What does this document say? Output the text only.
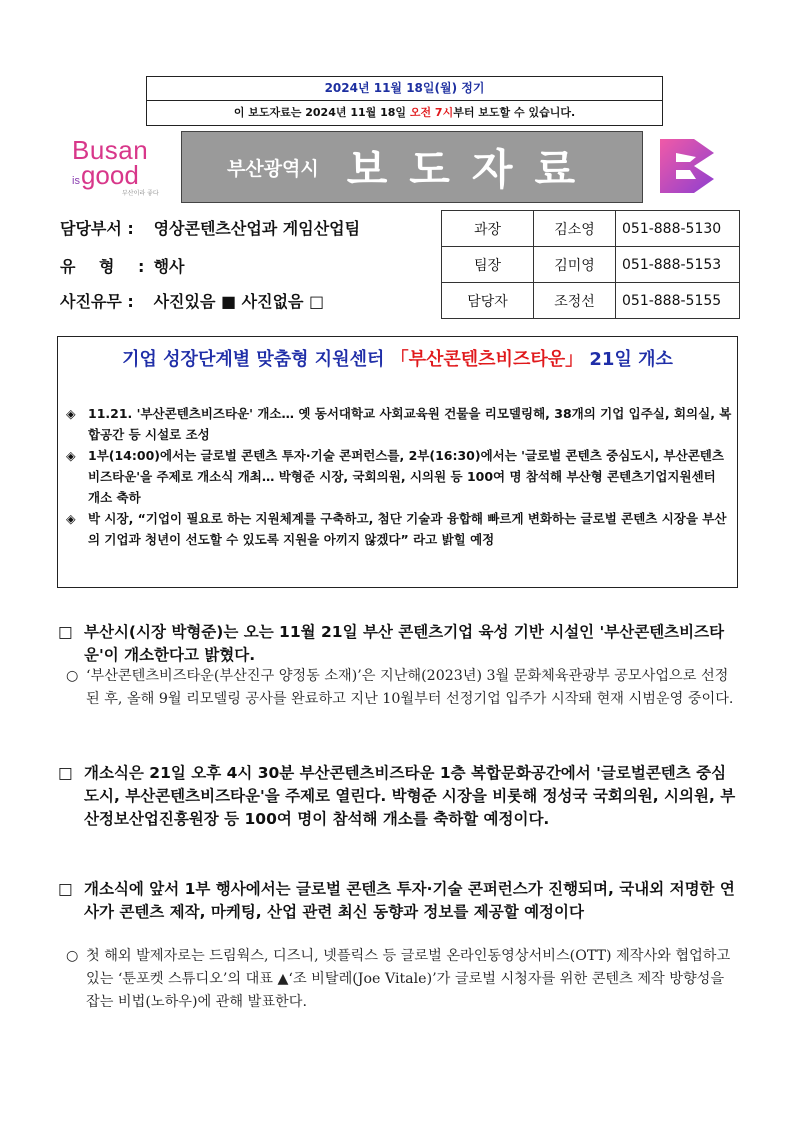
2024년 11월 18일(월) 정기
이 보도자료는 2024년 11월 18일 오전 7시부터 보도할 수 있습니다.
Busan
isgood
부산이라 좋다
부산광역시 보도자료
담당부서 : 영상콘텐츠산업과 게임산업팀
유 형 : 행사
사진유무 : 사진있음 ■ 사진없음 □
과장	김소영	051-888-5130
팀장	김미영	051-888-5153
담당자	조정선	051-888-5155
기업 성장단계별 맞춤형 지원센터 「부산콘텐츠비즈타운」 21일 개소
◈ 11.21. '부산콘텐츠비즈타운' 개소… 옛 동서대학교 사회교육원 건물을 리모델링해, 38개의 기업 입주실, 회의실, 복합공간 등 시설로 조성
◈ 1부(14:00)에서는 글로벌 콘텐츠 투자·기술 콘퍼런스를, 2부(16:30)에서는 '글로벌 콘텐츠 중심도시, 부산콘텐츠비즈타운'을 주제로 개소식 개최… 박형준 시장, 국회의원, 시의원 등 100여 명 참석해 부산형 콘텐츠기업지원센터 개소 축하
◈ 박 시장, “기업이 필요로 하는 지원체계를 구축하고, 첨단 기술과 융합해 빠르게 변화하는 글로벌 콘텐츠 시장을 부산의 기업과 청년이 선도할 수 있도록 지원을 아끼지 않겠다” 라고 밝힐 예정
□ 부산시(시장 박형준)는 오는 11월 21일 부산 콘텐츠기업 육성 기반 시설인 '부산콘텐츠비즈타운'이 개소한다고 밝혔다.
○ ‘부산콘텐츠비즈타운(부산진구 양정동 소재)’은 지난해(2023년) 3월 문화체육관광부 공모사업으로 선정된 후, 올해 9월 리모델링 공사를 완료하고 지난 10월부터 선정기업 입주가 시작돼 현재 시범운영 중이다.
□ 개소식은 21일 오후 4시 30분 부산콘텐츠비즈타운 1층 복합문화공간에서 '글로벌콘텐츠 중심도시, 부산콘텐츠비즈타운'을 주제로 열린다. 박형준 시장을 비롯해 정성국 국회의원, 시의원, 부산정보산업진흥원장 등 100여 명이 참석해 개소를 축하할 예정이다.
□ 개소식에 앞서 1부 행사에서는 글로벌 콘텐츠 투자·기술 콘퍼런스가 진행되며, 국내외 저명한 연사가 콘텐츠 제작, 마케팅, 산업 관련 최신 동향과 정보를 제공할 예정이다
○ 첫 해외 발제자로는 드림웍스, 디즈니, 넷플릭스 등 글로벌 온라인동영상서비스(OTT) 제작사와 협업하고 있는 ‘툰포켓 스튜디오’의 대표 ▲‘조 비탈레(Joe Vitale)’가 글로벌 시청자를 위한 콘텐츠 제작 방향성을 잡는 비법(노하우)에 관해 발표한다.
